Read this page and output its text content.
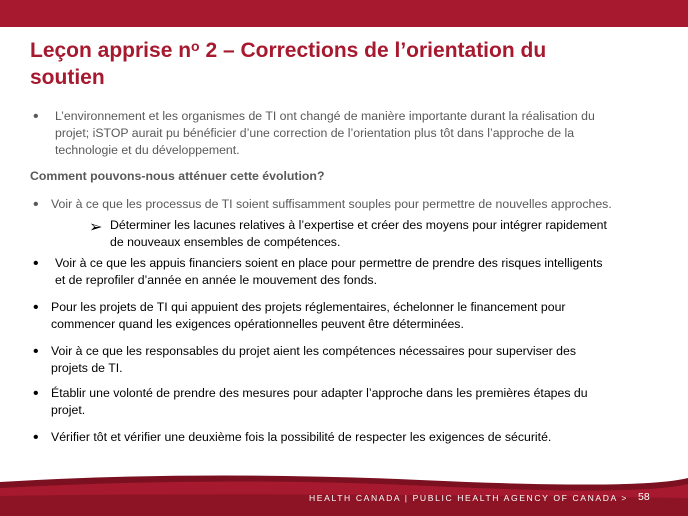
Leçon apprise $n^o$ 2 – Corrections de l’orientation du
soutien
•	L’environnement et les organismes de TI ont changé de manière importante durant la réalisation du
projet; iSTOP aurait pu bénéficier d’une correction de l’orientation plus tôt dans l’approche de la
technologie et du développement.
Comment pouvons-nous atténuer cette évolution?
•	Voir à ce que les processus de TI soient suffisamment souples pour permettre de nouvelles approches.
➢ Déterminer les lacunes relatives à l’expertise et créer des moyens pour intégrer rapidement
de nouveaux ensembles de compétences.
•	Voir à ce que les appuis financiers soient en place pour permettre de prendre des risques intelligents
et de reprofiler d’année en année le mouvement des fonds.
•	Pour les projets de TI qui appuient des projets réglementaires, échelonner le financement pour
commencer quand les exigences opérationnelles peuvent être déterminées.
•	Voir à ce que les responsables du projet aient les compétences nécessaires pour superviser des
projets de TI.
•	Établir une volonté de prendre des mesures pour adapter l’approche dans les premières étapes du
projet.
•	Vérifier tôt et vérifier une deuxième fois la possibilité de respecter les exigences de sécurité.
HEALTH CANADA | PUBLIC HEALTH AGENCY OF CANADA > 58
